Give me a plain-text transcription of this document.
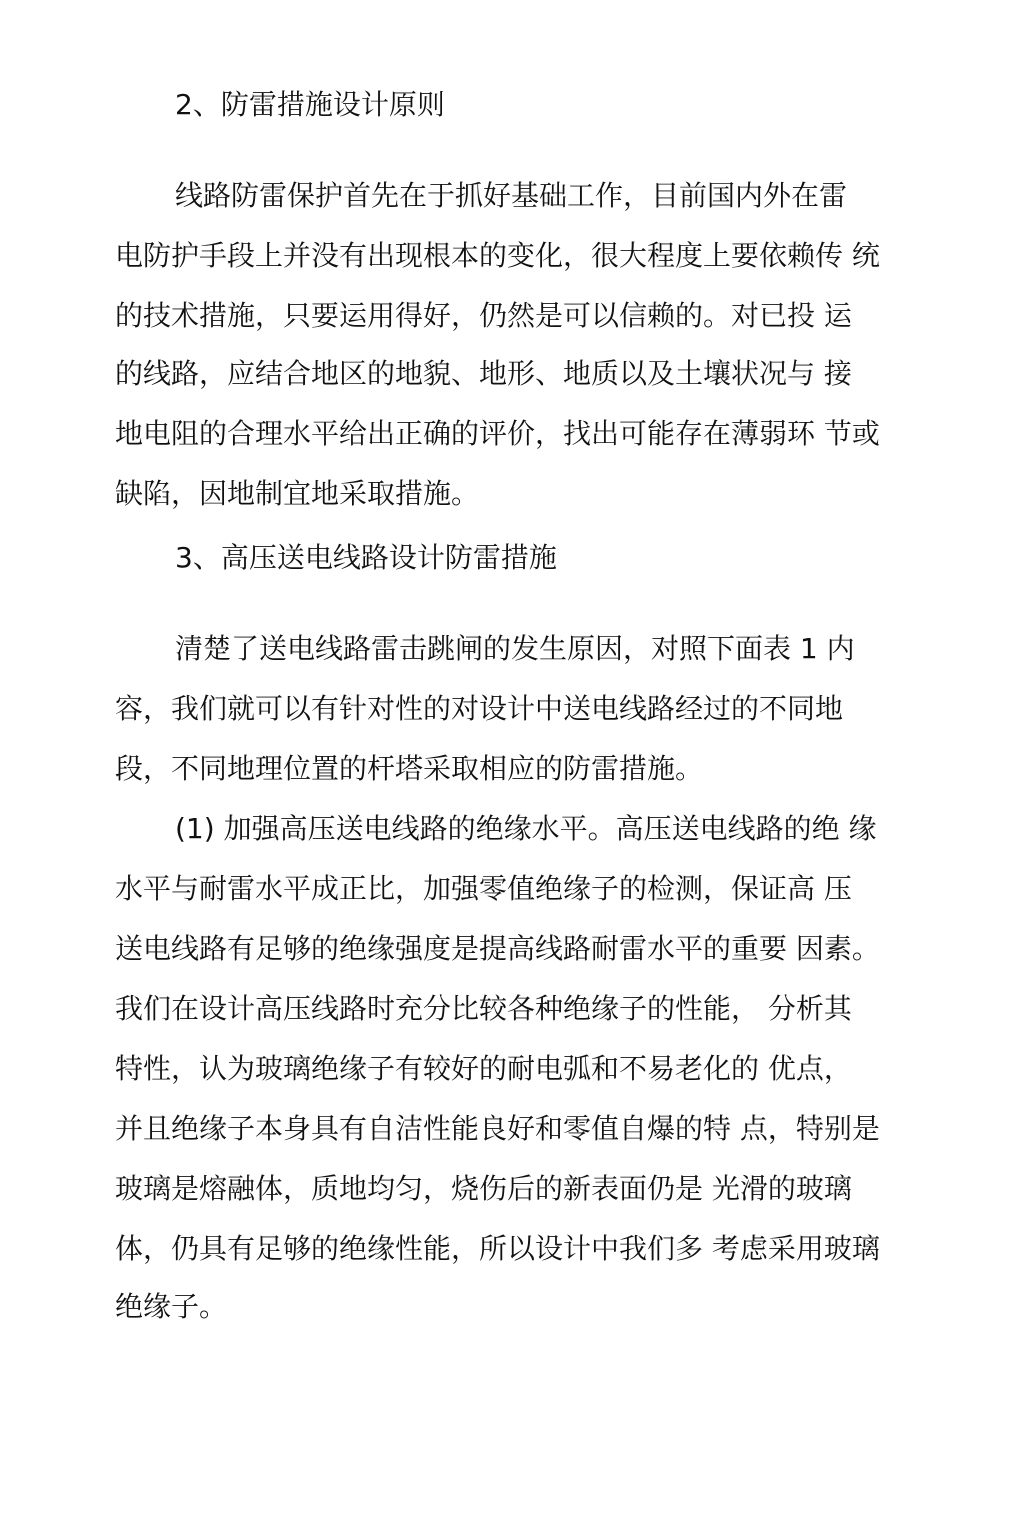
2、防雷措施设计原则
线路防雷保护首先在于抓好基础工作，目前国内外在雷
电防护手段上并没有出现根本的变化，很大程度上要依赖传 统
的技术措施，只要运用得好，仍然是可以信赖的。对已投 运
的线路，应结合地区的地貌、地形、地质以及土壤状况与 接
地电阻的合理水平给出正确的评价，找出可能存在薄弱环 节或
缺陷，因地制宜地采取措施。
3、高压送电线路设计防雷措施
清楚了送电线路雷击跳闸的发生原因，对照下面表 1 内
容，我们就可以有针对性的对设计中送电线路经过的不同地
段，不同地理位置的杆塔采取相应的防雷措施。
(1) 加强高压送电线路的绝缘水平。高压送电线路的绝 缘
水平与耐雷水平成正比，加强零值绝缘子的检测，保证高 压
送电线路有足够的绝缘强度是提高线路耐雷水平的重要 因素。
我们在设计高压线路时充分比较各种绝缘子的性能， 分析其
特性，认为玻璃绝缘子有较好的耐电弧和不易老化的 优点，
并且绝缘子本身具有自洁性能良好和零值自爆的特 点，特别是
玻璃是熔融体，质地均匀，烧伤后的新表面仍是 光滑的玻璃
体，仍具有足够的绝缘性能，所以设计中我们多 考虑采用玻璃
绝缘子。
